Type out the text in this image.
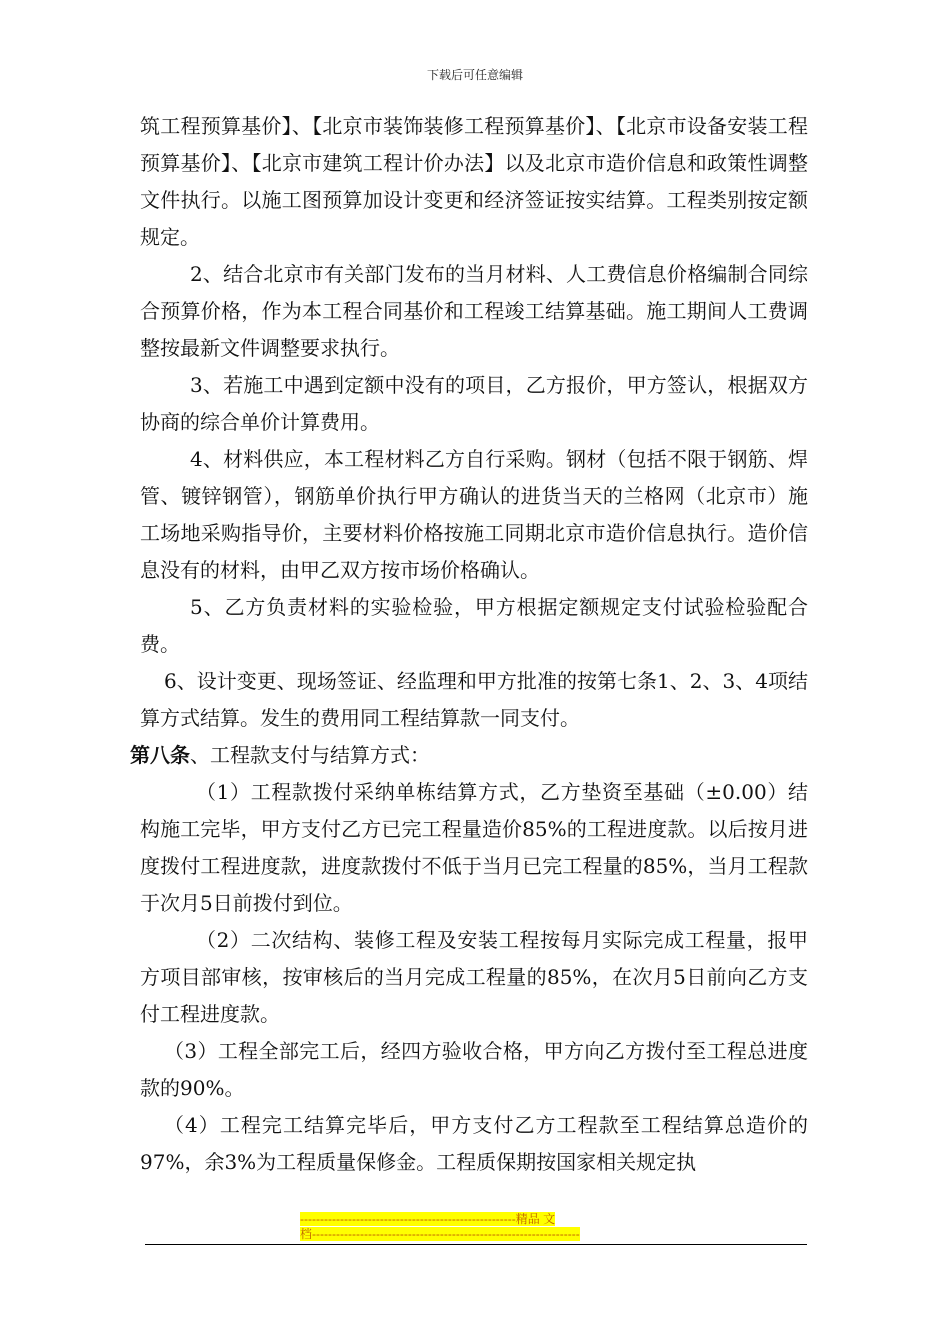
下载后可任意编辑

筑工程预算基价】、【北京市装饰装修工程预算基价】、【北京市设备安装工程预算基价】、【北京市建筑工程计价办法】以及北京市造价信息和政策性调整文件执行。以施工图预算加设计变更和经济签证按实结算。工程类别按定额规定。

2、结合北京市有关部门发布的当月材料、人工费信息价格编制合同综合预算价格，作为本工程合同基价和工程竣工结算基础。施工期间人工费调整按最新文件调整要求执行。

3、若施工中遇到定额中没有的项目，乙方报价，甲方签认，根据双方协商的综合单价计算费用。

4、材料供应，本工程材料乙方自行采购。钢材（包括不限于钢筋、焊管、镀锌钢管），钢筋单价执行甲方确认的进货当天的兰格网（北京市）施工场地采购指导价，主要材料价格按施工同期北京市造价信息执行。造价信息没有的材料，由甲乙双方按市场价格确认。

5、乙方负责材料的实验检验，甲方根据定额规定支付试验检验配合费。

6、设计变更、现场签证、经监理和甲方批准的按第七条1、2、3、4项结算方式结算。发生的费用同工程结算款一同支付。

第八条、工程款支付与结算方式：

（1）工程款拨付采纳单栋结算方式，乙方垫资至基础（±0.00）结构施工完毕，甲方支付乙方已完工程量造价85%的工程进度款。以后按月进度拨付工程进度款，进度款拨付不低于当月已完工程量的85%，当月工程款于次月5日前拨付到位。

（2）二次结构、装修工程及安装工程按每月实际完成工程量，报甲方项目部审核，按审核后的当月完成工程量的85%，在次月5日前向乙方支付工程进度款。

（3）工程全部完工后，经四方验收合格，甲方向乙方拨付至工程总进度款的90%。

（4）工程完工结算完毕后，甲方支付乙方工程款至工程结算总造价的97%，余3%为工程质量保修金。工程质保期按国家相关规定执

------------------------------------------------------精品 文
档-------------------------------------------------------------------
